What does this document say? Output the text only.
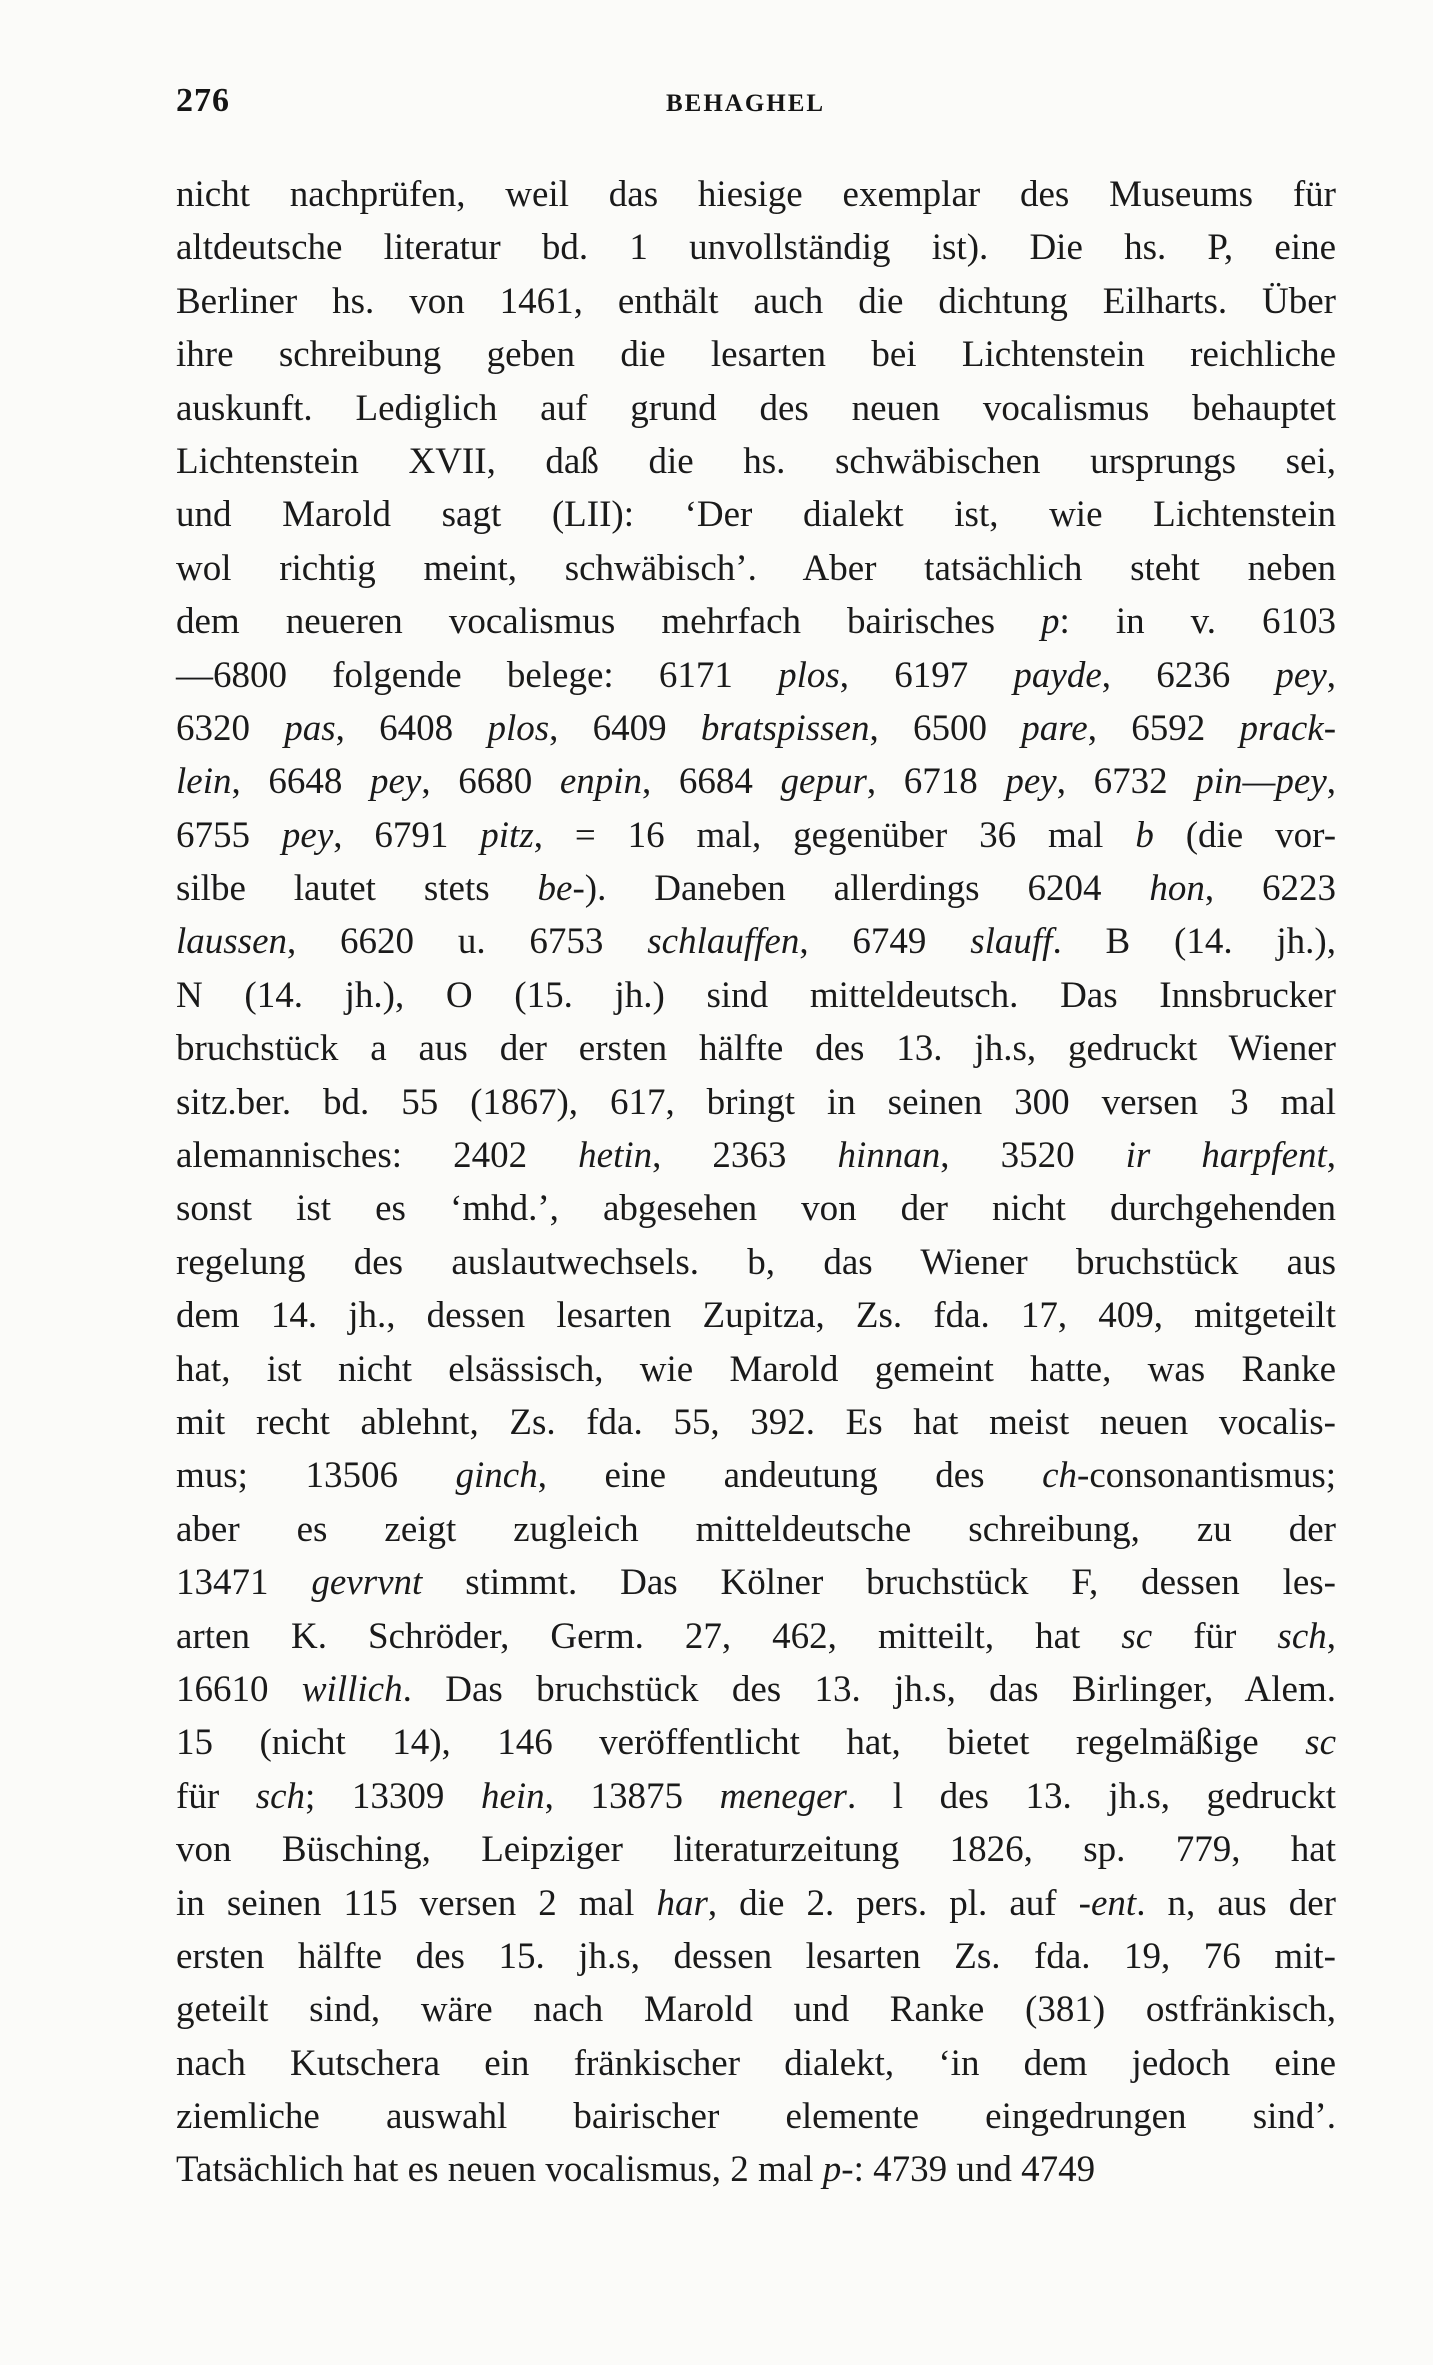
276	BEHAGHEL
nicht nachprüfen, weil das hiesige exemplar des Museums für
altdeutsche literatur bd. 1 unvollständig ist). Die hs. P, eine
Berliner hs. von 1461, enthält auch die dichtung Eilharts. Über
ihre schreibung geben die lesarten bei Lichtenstein reichliche
auskunft. Lediglich auf grund des neuen vocalismus behauptet
Lichtenstein XVII, daß die hs. schwäbischen ursprungs sei,
und Marold sagt (LII): ‘Der dialekt ist, wie Lichtenstein
wol richtig meint, schwäbisch’. Aber tatsächlich steht neben
dem neueren vocalismus mehrfach bairisches p: in v. 6103
—6800 folgende belege: 6171 plos, 6197 payde, 6236 pey,
6320 pas, 6408 plos, 6409 bratspissen, 6500 pare, 6592 prack-
lein, 6648 pey, 6680 enpin, 6684 gepur, 6718 pey, 6732 pin—pey,
6755 pey, 6791 pitz, = 16 mal, gegenüber 36 mal b (die vor-
silbe lautet stets be-). Daneben allerdings 6204 hon, 6223
laussen, 6620 u. 6753 schlauffen, 6749 slauff. B (14. jh.),
N (14. jh.), O (15. jh.) sind mitteldeutsch. Das Innsbrucker
bruchstück a aus der ersten hälfte des 13. jh.s, gedruckt Wiener
sitz.ber. bd. 55 (1867), 617, bringt in seinen 300 versen 3 mal
alemannisches: 2402 hetin, 2363 hinnan, 3520 ir harpfent,
sonst ist es ‘mhd.’, abgesehen von der nicht durchgehenden
regelung des auslautwechsels. b, das Wiener bruchstück aus
dem 14. jh., dessen lesarten Zupitza, Zs. fda. 17, 409, mitgeteilt
hat, ist nicht elsässisch, wie Marold gemeint hatte, was Ranke
mit recht ablehnt, Zs. fda. 55, 392. Es hat meist neuen vocalis-
mus; 13506 ginch, eine andeutung des ch-consonantismus;
aber es zeigt zugleich mitteldeutsche schreibung, zu der
13471 gevrvnt stimmt. Das Kölner bruchstück F, dessen les-
arten K. Schröder, Germ. 27, 462, mitteilt, hat sc für sch,
16610 willich. Das bruchstück des 13. jh.s, das Birlinger, Alem.
15 (nicht 14), 146 veröffentlicht hat, bietet regelmäßige sc
für sch; 13309 hein, 13875 meneger. l des 13. jh.s, gedruckt
von Büsching, Leipziger literaturzeitung 1826, sp. 779, hat
in seinen 115 versen 2 mal har, die 2. pers. pl. auf -ent. n, aus der
ersten hälfte des 15. jh.s, dessen lesarten Zs. fda. 19, 76 mit-
geteilt sind, wäre nach Marold und Ranke (381) ostfränkisch,
nach Kutschera ein fränkischer dialekt, ‘in dem jedoch eine
ziemliche auswahl bairischer elemente eingedrungen sind’.
Tatsächlich hat es neuen vocalismus, 2 mal p-: 4739 und 4749
